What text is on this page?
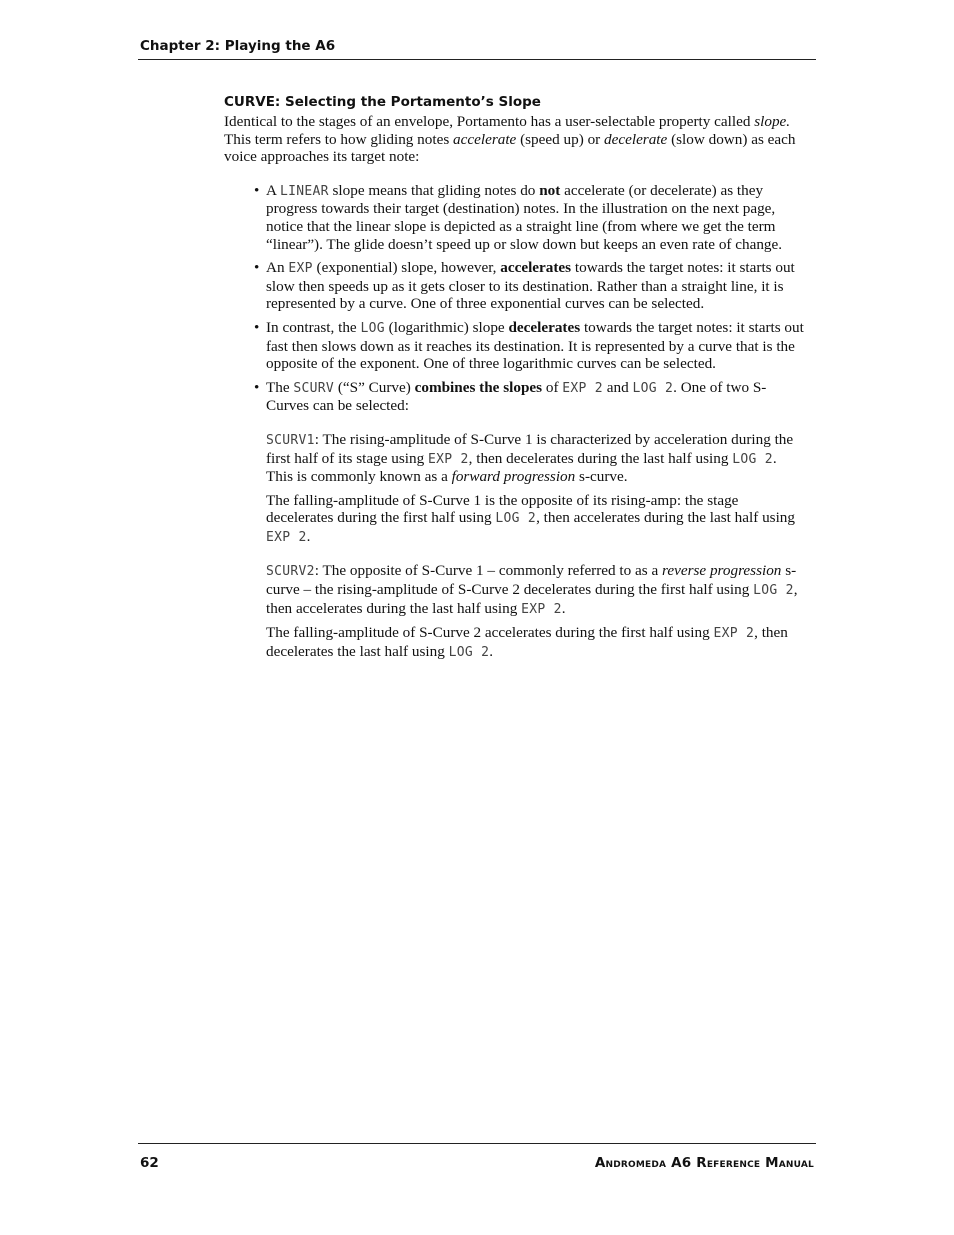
Chapter 2: Playing the A6
CURVE: Selecting the Portamento’s Slope

Identical to the stages of an envelope, Portamento has a user-selectable property called slope. This term refers to how gliding notes accelerate (speed up) or decelerate (slow down) as each voice approaches its target note:

• A LINEAR slope means that gliding notes do not accelerate (or decelerate) as they progress towards their target (destination) notes. In the illustration on the next page, notice that the linear slope is depicted as a straight line (from where we get the term “linear”). The glide doesn’t speed up or slow down but keeps an even rate of change.
• An EXP (exponential) slope, however, accelerates towards the target notes: it starts out slow then speeds up as it gets closer to its destination. Rather than a straight line, it is represented by a curve. One of three exponential curves can be selected.
• In contrast, the LOG (logarithmic) slope decelerates towards the target notes: it starts out fast then slows down as it reaches its destination. It is represented by a curve that is the opposite of the exponent. One of three logarithmic curves can be selected.
• The SCURV (“S” Curve) combines the slopes of EXP 2 and LOG 2. One of two S-Curves can be selected:

SCURV1: The rising-amplitude of S-Curve 1 is characterized by acceleration during the first half of its stage using EXP 2, then decelerates during the last half using LOG 2. This is commonly known as a forward progression s-curve.

The falling-amplitude of S-Curve 1 is the opposite of its rising-amp: the stage decelerates during the first half using LOG 2, then accelerates during the last half using EXP 2.

SCURV2: The opposite of S-Curve 1 – commonly referred to as a reverse progression s-curve – the rising-amplitude of S-Curve 2 decelerates during the first half using LOG 2, then accelerates during the last half using EXP 2.

The falling-amplitude of S-Curve 2 accelerates during the first half using EXP 2, then decelerates the last half using LOG 2.

62	Andromeda A6 Reference Manual
